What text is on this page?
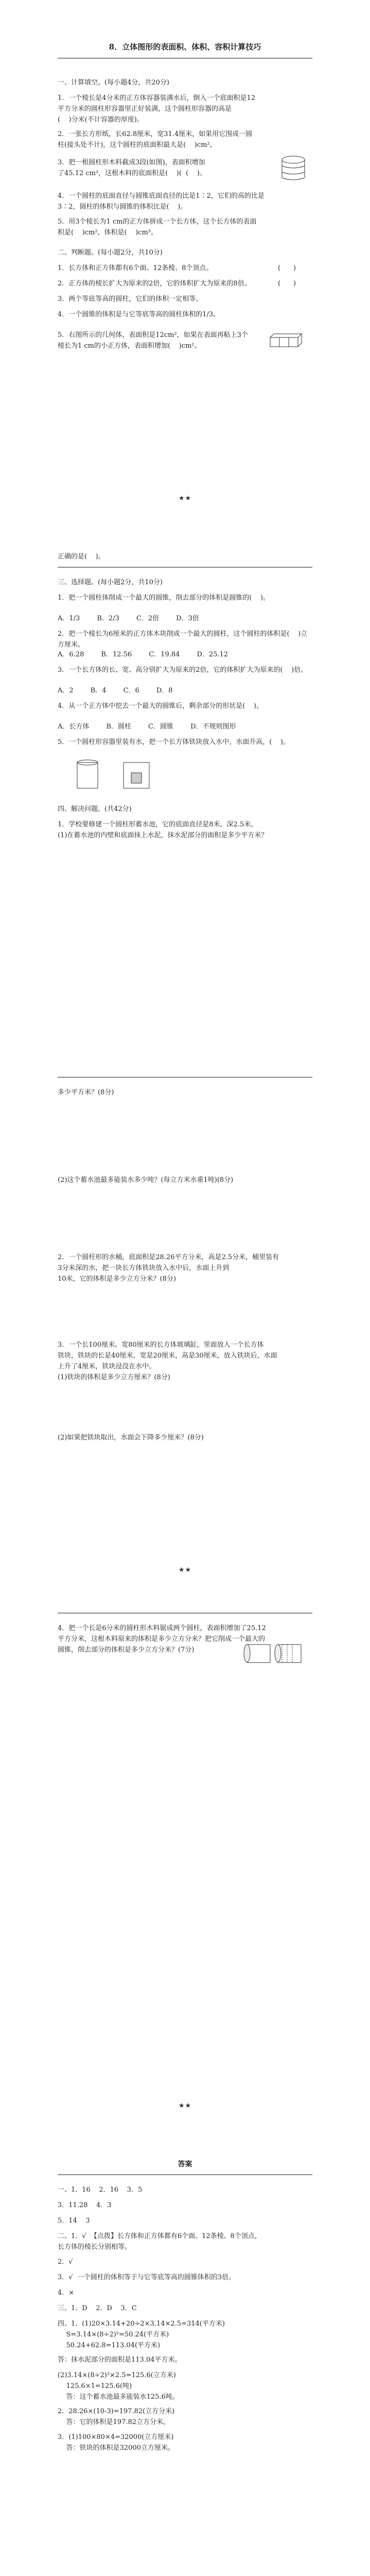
8．立体图形的表面积、体积、容积计算技巧
一、计算填空。(每小题4分，共20分)
1．一个棱长是4分米的正方体容器装满水后，倒入一个底面积是12
平方分米的圆柱形容器里正好装满，这个圆柱形容器的高是
(    )分米(不计容器的厚度)。
2．一张长方形纸，长62.8厘米，宽31.4厘米，如果用它围成一圆
柱(接头处不计)，这个圆柱的底面积最大是(    )cm²。
3．把一根圆柱形木料截成3段(如图)，表面积增加
了45.12 cm²，这根木料的底面积是(    )(  (    )。
4．一个圆柱的底面直径与圆锥底面直径的比是1∶2，它们的高的比是
3∶2，圆柱的体积与圆锥的体积比是(    )。
5．用3个棱长为1 cm的正方体拼成一个长方体，这个长方体的表面
积是(    )cm²，体积是(    )cm³。
二、判断题。(每小题2分，共10分)
1．长方体和正方体都有6个面、12条棱、8个顶点。	(      )
2．正方体的棱长扩大为原来的2倍，它的体积扩大为原来的8倍。	(      )
3．两个等底等高的圆柱，它们的体积一定相等。
4．一个圆锥的体积是与它等底等高的圆柱体积的1/3。
5．右图所示的几何体，表面积是12cm²，如果在表面再粘上3个棱长为1 cm的小正方体，表面积增加(    )cm²。
★★
正确的是(    )。
三、选择题。(每小题2分，共10分)
1．把一个圆柱体削成一个最大的圆锥，削去部分的体积是圆锥的(    )。
A．1/3        B．2/3        C．2倍        D．3倍
2．把一个棱长为6厘米的正方体木块削成一个最大的圆柱，这个圆柱的体积是(    )立方厘米。
A．6.28        B．12.56        C．19.84        D．25.12
3．一个长方体的长、宽、高分别扩大为原来的2倍，它的体积扩大为原来的(    )倍。
A．2        B．4        C．6        D．8
4．从一个正方体中挖去一个最大的圆锥后，剩余部分的形状是(    )。
A．长方体        B．圆柱        C．圆锥        D．不规则图形
5．一个圆柱形容器里装有水，把一个长方体铁块放入水中，水面升高，(    )。
四、解决问题。(共42分)
1．学校要修建一个圆柱形蓄水池，它的底面直径是8米，深2.5米。
(1)在蓄水池的内壁和底面抹上水泥，抹水泥部分的面积是多少平方米？
多少平方米？(8分)
(2)这个蓄水池最多能装水多少吨？(每立方米水重1吨)(8分)
2．一个圆柱形的水桶，底面积是28.26平方分米，高是2.5分米，桶里装有
3分米深的水，把一块长方体铁块放入水中后，水面上升到
10米，它的体积是多少立方分米？(8分)
3．一个长100厘米、宽80厘米的长方体玻璃缸，里面放入一个长方体
铁块，铁块的长是40厘米，宽是20厘米，高是30厘米，放入铁块后，水面
上升了4厘米，铁块浸没在水中。
(1)铁块的体积是多少立方厘米？(8分)
(2)如果把铁块取出，水面会下降多少厘米？(8分)
★★
4．把一个长是6分米的圆柱形木料锯成两个圆柱，表面积增加了25.12
平方分米，这根木料原来的体积是多少立方分米？把它削成一个最大的
圆锥，削去部分的体积是多少立方分米？(7分)
★★
答案
一、1．16    2．16    3．5
3．11.28    4．3
5．14    3
二、1．√  【点拨】长方体和正方体都有6个面、12条棱、8个顶点，
长方体的棱长分别相等。
2．√
3．√  一个圆柱的体积等于与它等底等高的圆锥体积的3倍。
4．×
三、1．D    2．D    3．C
四、1．(1)20×3.14+20÷2×3.14×2.5=314(平方米)
S=3.14×(8÷2)²=50.24(平方米)
50.24+62.8=113.04(平方米)
答：抹水泥部分的面积是113.04平方米。
(2)3.14×(8÷2)²×2.5=125.6(立方米)
125.6×1=125.6(吨)
答：这个蓄水池最多能装水125.6吨。
2．28.26×(10-3)=197.82(立方分米)
答：它的体积是197.82立方分米。
3．(1)100×80×4=32000(立方厘米)
答：铁块的体积是32000立方厘米。
